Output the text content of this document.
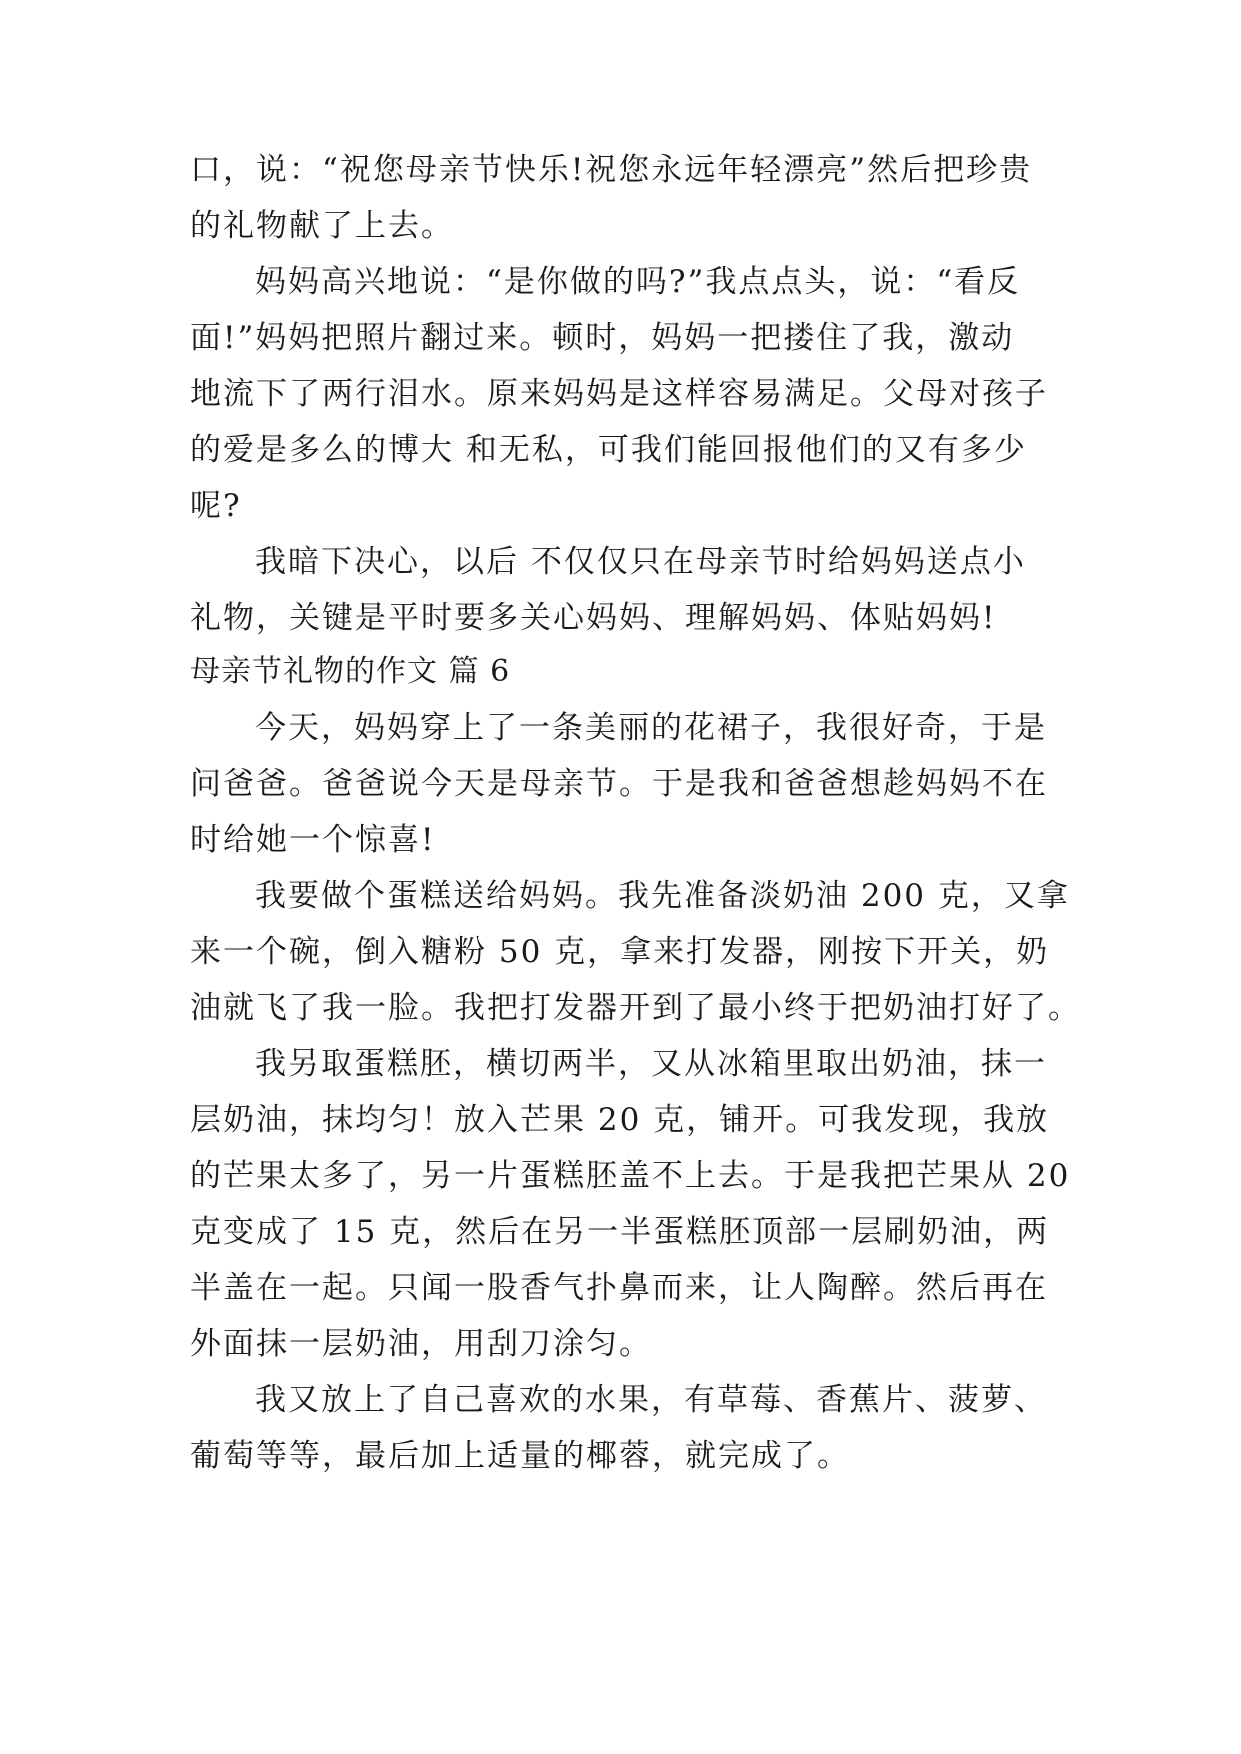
口，说：“祝您母亲节快乐!祝您永远年轻漂亮”然后把珍贵
的礼物献了上去。
妈妈高兴地说：“是你做的吗?”我点点头，说：“看反
面!”妈妈把照片翻过来。顿时，妈妈一把搂住了我，激动
地流下了两行泪水。原来妈妈是这样容易满足。父母对孩子
的爱是多么的博大 和无私，可我们能回报他们的又有多少
呢?
我暗下决心，以后 不仅仅只在母亲节时给妈妈送点小
礼物，关键是平时要多关心妈妈、理解妈妈、体贴妈妈!
母亲节礼物的作文 篇 6
今天，妈妈穿上了一条美丽的花裙子，我很好奇，于是
问爸爸。爸爸说今天是母亲节。于是我和爸爸想趁妈妈不在
时给她一个惊喜!
我要做个蛋糕送给妈妈。我先准备淡奶油 200 克，又拿
来一个碗，倒入糖粉 50 克，拿来打发器，刚按下开关，奶
油就飞了我一脸。我把打发器开到了最小终于把奶油打好了。
我另取蛋糕胚，横切两半，又从冰箱里取出奶油，抹一
层奶油，抹均匀！放入芒果 20 克，铺开。可我发现，我放
的芒果太多了，另一片蛋糕胚盖不上去。于是我把芒果从 20
克变成了 15 克，然后在另一半蛋糕胚顶部一层刷奶油，两
半盖在一起。只闻一股香气扑鼻而来，让人陶醉。然后再在
外面抹一层奶油，用刮刀涂匀。
我又放上了自己喜欢的水果，有草莓、香蕉片、菠萝、
葡萄等等，最后加上适量的椰蓉，就完成了。
